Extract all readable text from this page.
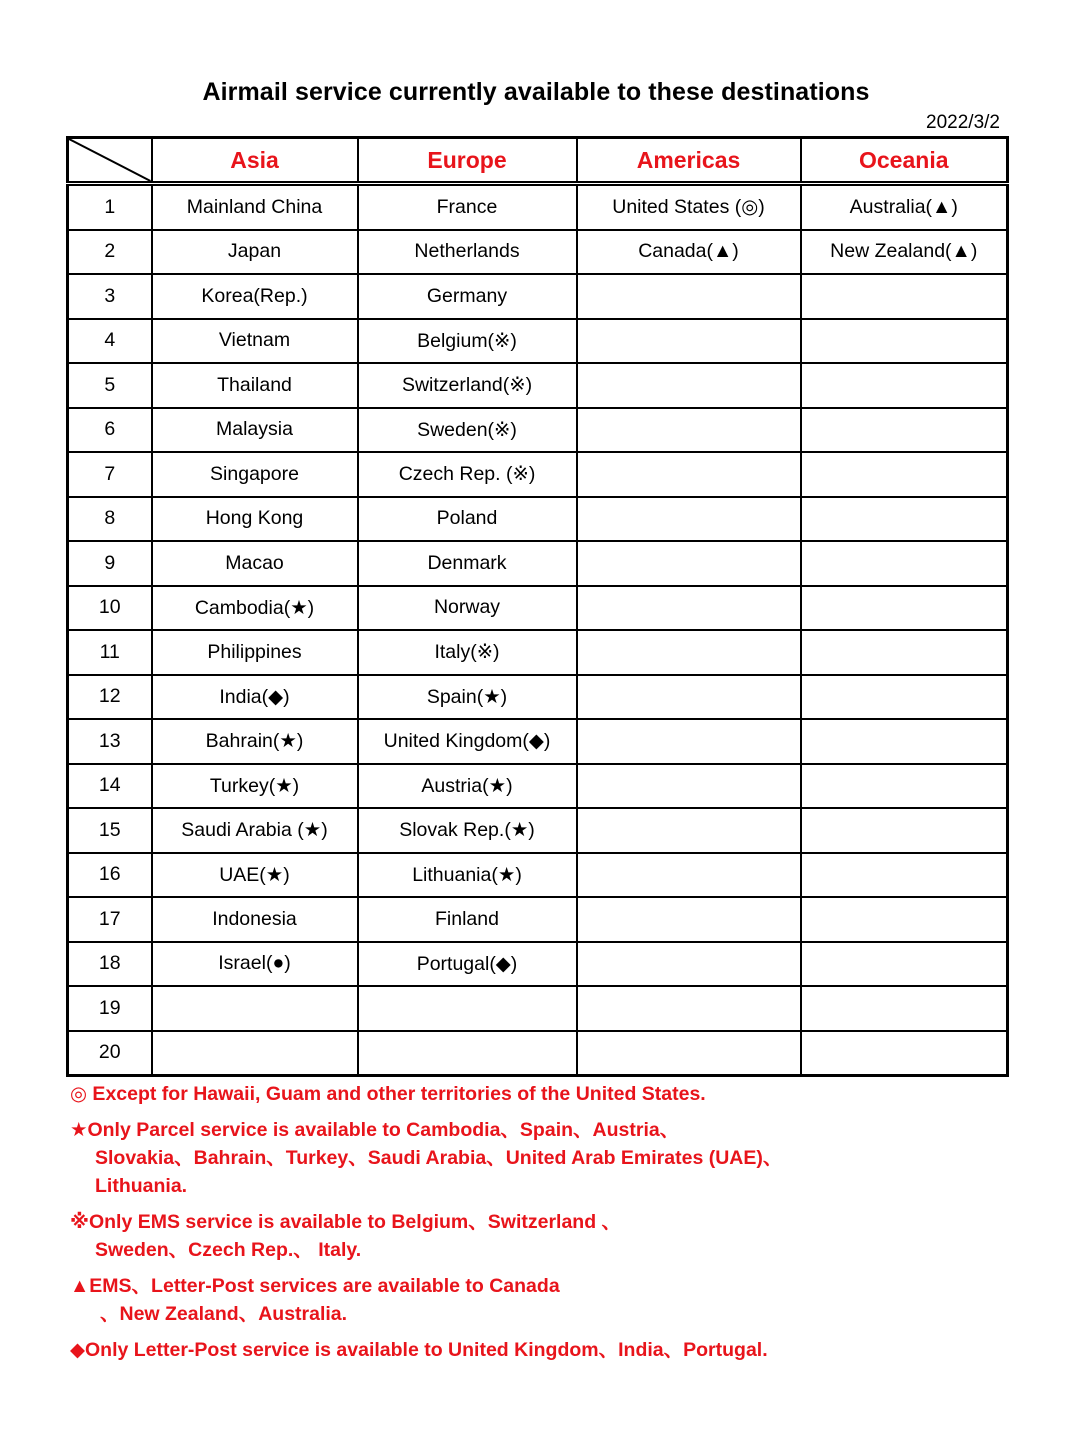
Airmail service currently available to these destinations
2022/3/2
	Asia	Europe	Americas	Oceania
1	Mainland China	France	United States (◎)	Australia(▲)
2	Japan	Netherlands	Canada(▲)	New Zealand(▲)
3	Korea(Rep.)	Germany		
4	Vietnam	Belgium(※)		
5	Thailand	Switzerland(※)		
6	Malaysia	Sweden(※)		
7	Singapore	Czech Rep. (※)		
8	Hong Kong	Poland		
9	Macao	Denmark		
10	Cambodia(★)	Norway		
11	Philippines	Italy(※)		
12	India(◆)	Spain(★)		
13	Bahrain(★)	United Kingdom(◆)		
14	Turkey(★)	Austria(★)		
15	Saudi Arabia (★)	Slovak Rep.(★)		
16	UAE(★)	Lithuania(★)		
17	Indonesia	Finland		
18	Israel(●)	Portugal(◆)		
19				
20				
◎ Except for Hawaii, Guam and other territories of the United States.
★Only Parcel service is available to Cambodia、Spain、Austria、
Slovakia、Bahrain、Turkey、Saudi Arabia、United Arab Emirates (UAE)、
Lithuania.
※Only EMS service is available to Belgium、Switzerland 、
Sweden、Czech Rep.、 Italy.
▲EMS、Letter-Post services are available to Canada
、New Zealand、Australia.
◆Only Letter-Post service is available to United Kingdom、India、Portugal.
